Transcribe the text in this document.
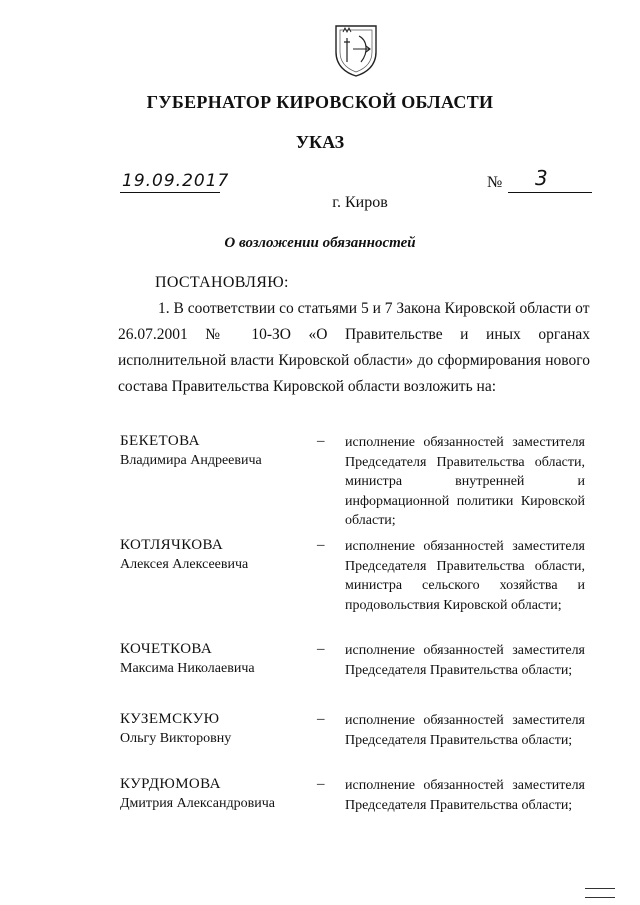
ГУБЕРНАТОР КИРОВСКОЙ ОБЛАСТИ
УКАЗ
19.09.2017	№ 3
г. Киров
О возложении обязанностей
ПОСТАНОВЛЯЮ:

1. В соответствии со статьями 5 и 7 Закона Кировской области от

26.07.2001 № 10-ЗО «О Правительстве и иных органах исполнительной власти Кировской области» до сформирования нового состава Правительства Кировской области возложить на:

БЕКЕТОВА
Владимира Андреевича
– исполнение обязанностей заместителя Председателя Правительства области, министра внутренней и информационной политики Кировской области;

КОТЛЯЧКОВА
Алексея Алексеевича
– исполнение обязанностей заместителя Председателя Правительства области, министра сельского хозяйства и продовольствия Кировской области;

КОЧЕТКОВА
Максима Николаевича
– исполнение обязанностей заместителя Председателя Правительства области;

КУЗЕМСКУЮ
Ольгу Викторовну
– исполнение обязанностей заместителя Председателя Правительства области;

КУРДЮМОВА
Дмитрия Александровича
– исполнение обязанностей заместителя Председателя Правительства области;
